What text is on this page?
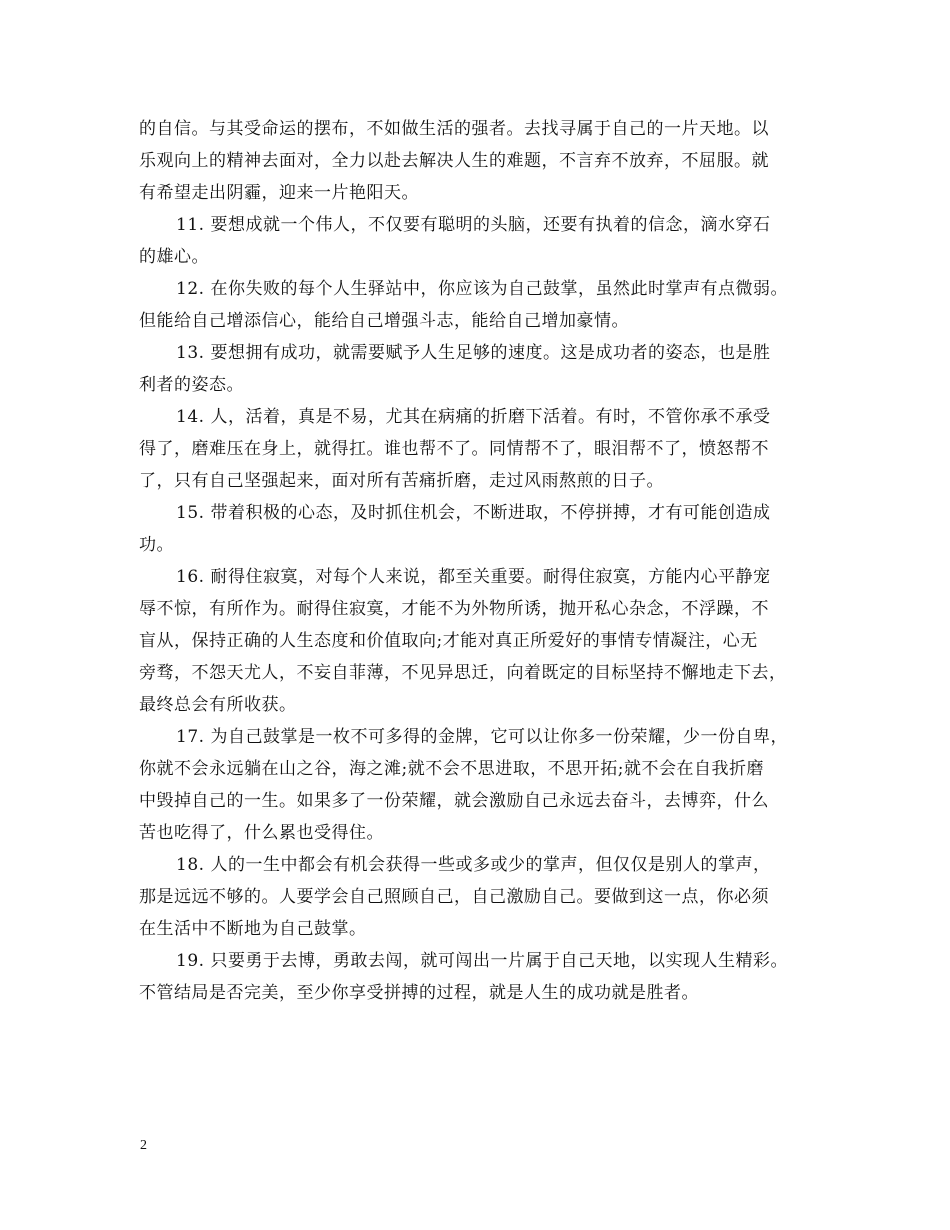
的自信。与其受命运的摆布，不如做生活的强者。去找寻属于自己的一片天地。以
乐观向上的精神去面对，全力以赴去解决人生的难题，不言弃不放弃，不屈服。就
有希望走出阴霾，迎来一片艳阳天。
11. 要想成就一个伟人，不仅要有聪明的头脑，还要有执着的信念，滴水穿石
的雄心。
12. 在你失败的每个人生驿站中，你应该为自己鼓掌，虽然此时掌声有点微弱。
但能给自己增添信心，能给自己增强斗志，能给自己增加豪情。
13. 要想拥有成功，就需要赋予人生足够的速度。这是成功者的姿态，也是胜
利者的姿态。
14. 人，活着，真是不易，尤其在病痛的折磨下活着。有时，不管你承不承受
得了，磨难压在身上，就得扛。谁也帮不了。同情帮不了，眼泪帮不了，愤怒帮不
了，只有自己坚强起来，面对所有苦痛折磨，走过风雨熬煎的日子。
15. 带着积极的心态，及时抓住机会，不断进取，不停拼搏，才有可能创造成
功。
16. 耐得住寂寞，对每个人来说，都至关重要。耐得住寂寞，方能内心平静宠
辱不惊，有所作为。耐得住寂寞，才能不为外物所诱，抛开私心杂念，不浮躁，不
盲从，保持正确的人生态度和价值取向;才能对真正所爱好的事情专情凝注，心无
旁骛，不怨天尤人，不妄自菲薄，不见异思迁，向着既定的目标坚持不懈地走下去，
最终总会有所收获。
17. 为自己鼓掌是一枚不可多得的金牌，它可以让你多一份荣耀，少一份自卑，
你就不会永远躺在山之谷，海之滩;就不会不思进取，不思开拓;就不会在自我折磨
中毁掉自己的一生。如果多了一份荣耀，就会激励自己永远去奋斗，去博弈，什么
苦也吃得了，什么累也受得住。
18. 人的一生中都会有机会获得一些或多或少的掌声，但仅仅是别人的掌声，
那是远远不够的。人要学会自己照顾自己，自己激励自己。要做到这一点，你必须
在生活中不断地为自己鼓掌。
19. 只要勇于去博，勇敢去闯，就可闯出一片属于自己天地，以实现人生精彩。
不管结局是否完美，至少你享受拼搏的过程，就是人生的成功就是胜者。
2
